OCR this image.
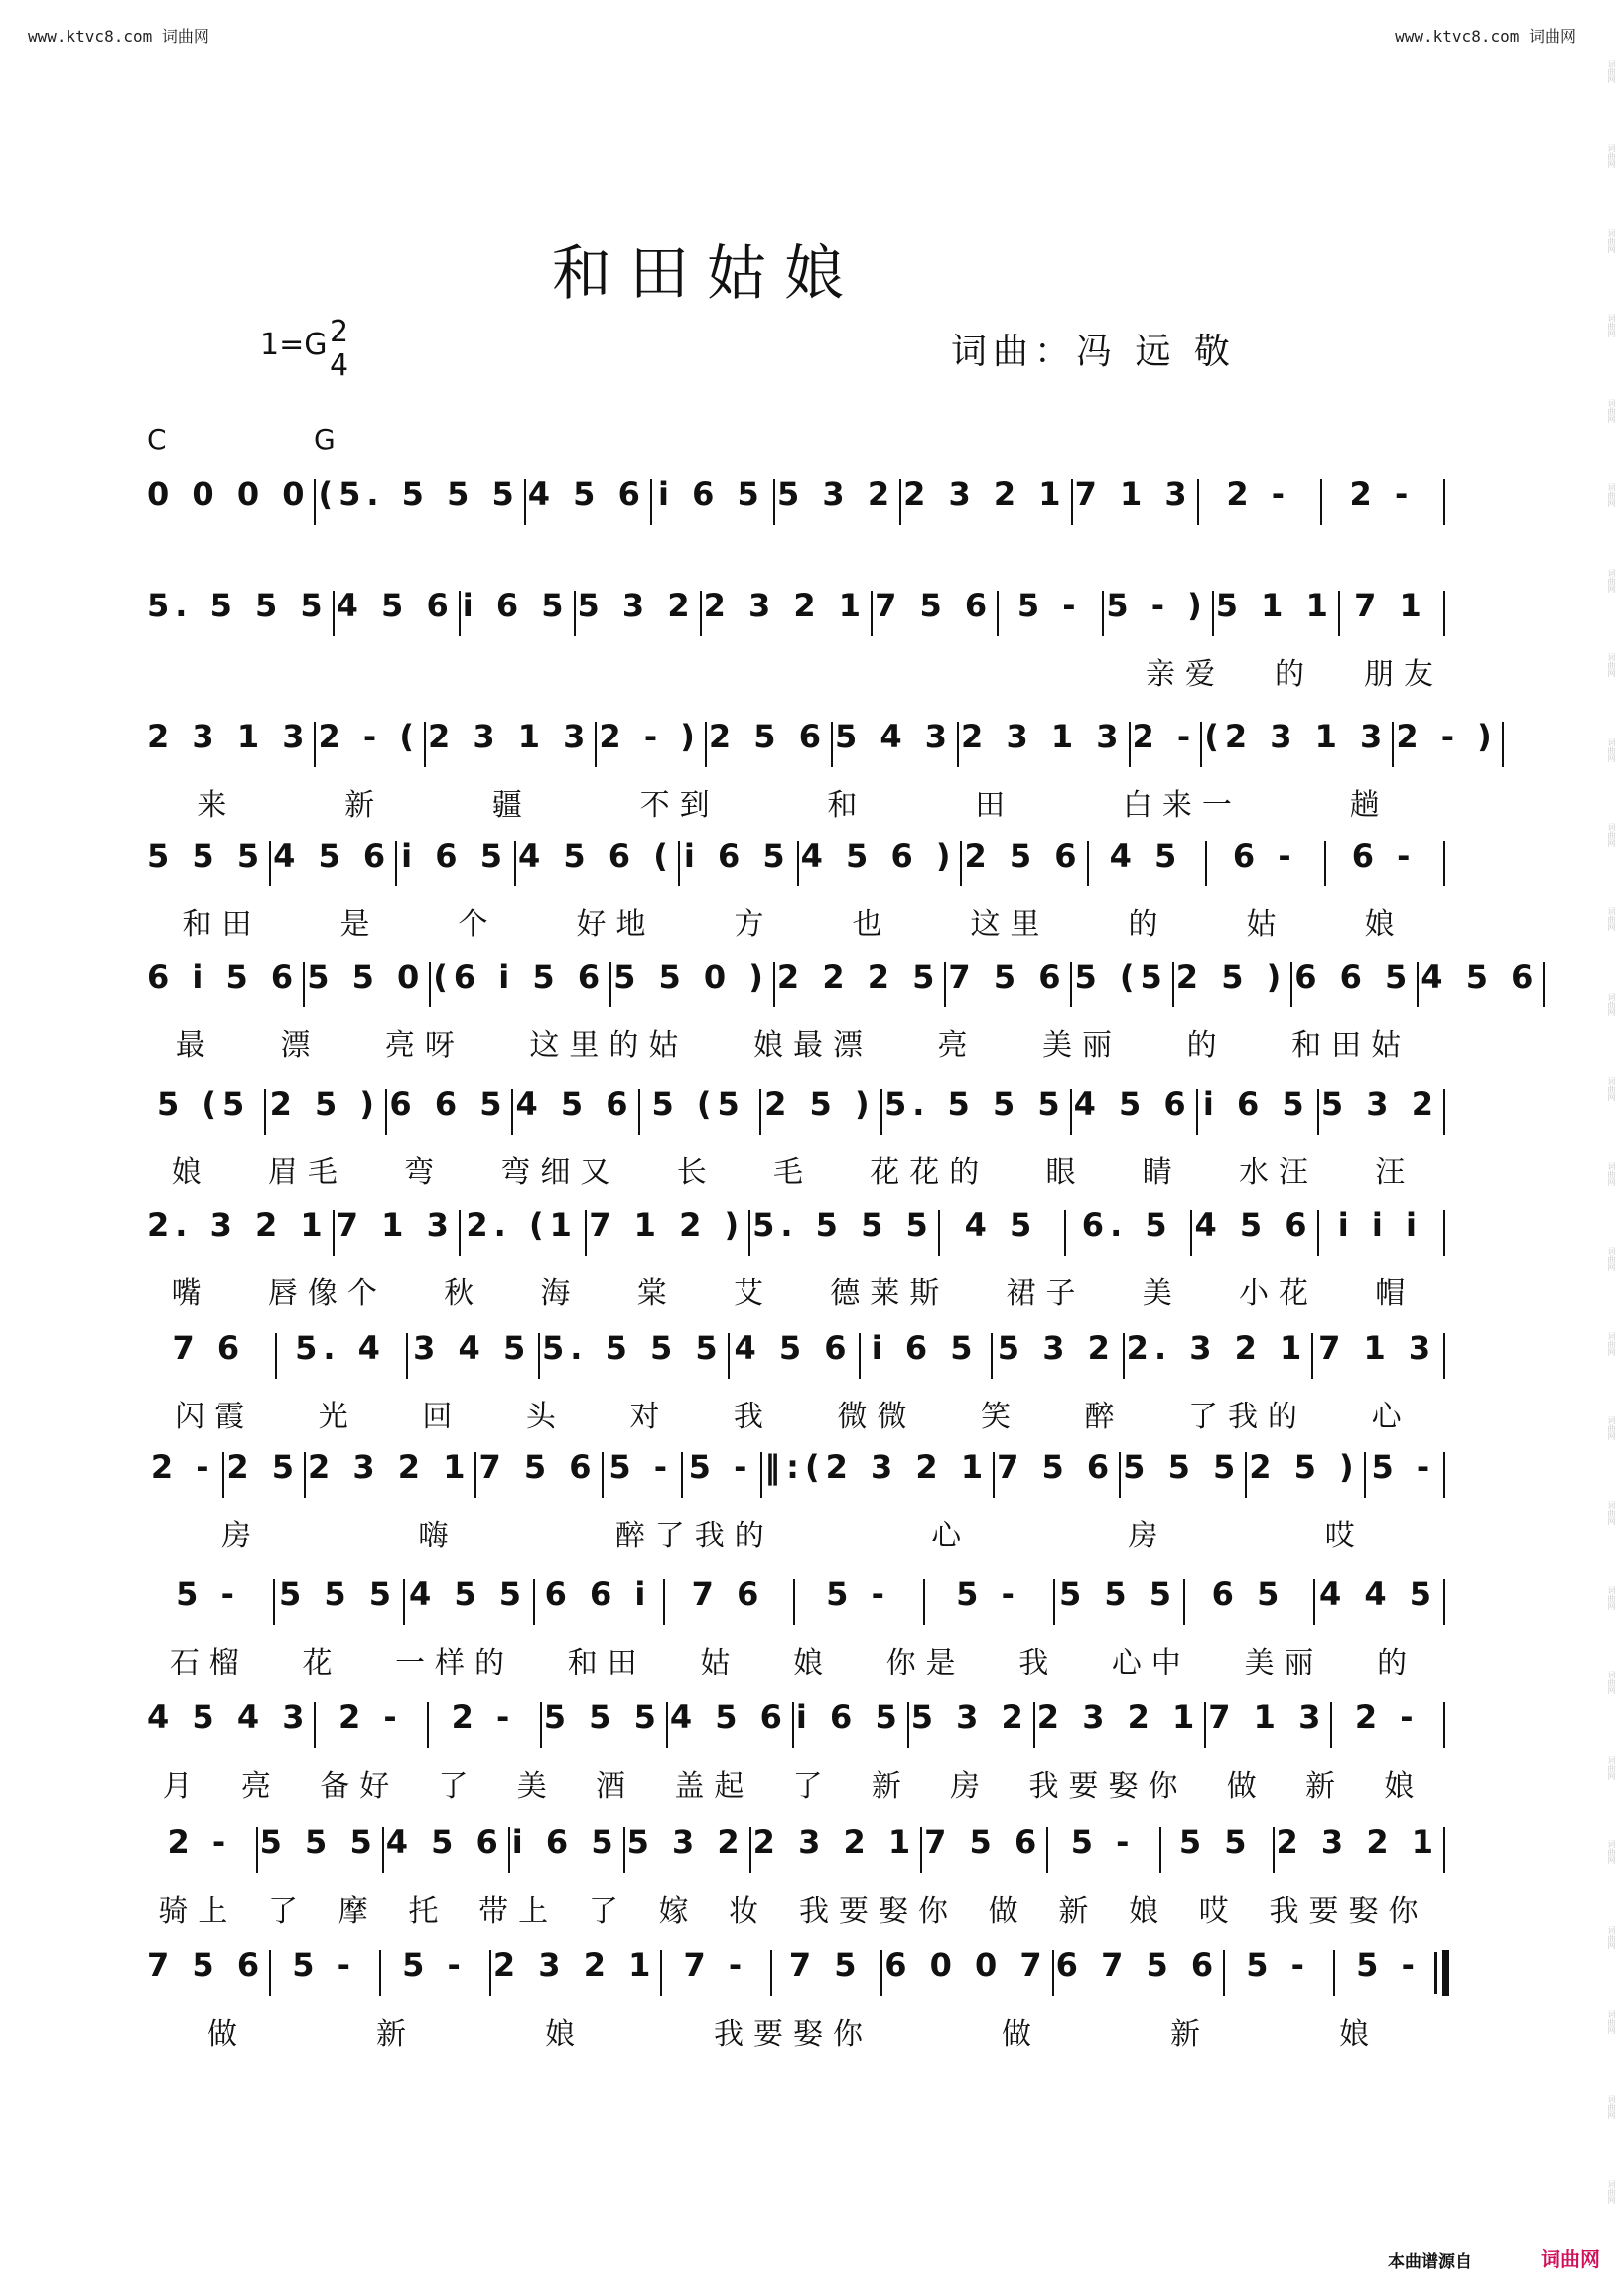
www.ktvc8.com 词曲网	www.ktvc8.com 词曲网
词曲网
词曲网
词曲网
词曲网
词曲网
词曲网
词曲网
词曲网
词曲网
词曲网
词曲网
词曲网
词曲网
词曲网
词曲网
词曲网
词曲网
词曲网
词曲网
词曲网
词曲网
词曲网
词曲网
词曲网
词曲网
词曲网
和田姑娘
1=G 2
4	词曲：冯 远 敬
C	G
0 0 0 0 (5. 5 5 5 4 5 6 i 6 5 5 3 2 2 3 2 1 7 1 3	2 -	2 -
5. 5 5 5 4 5 6 i 6 5 5 3 2 2 3 2 1 7 5 6 5 - 5 - ) 5 1 1 7 1
亲爱 的 朋友
2 3 1 3 2 - ( 2 3 1 3 2 - ) 2 5 6 5 4 3 2 3 1 3 2 - (2 3 1 3 2 - )
来	新	疆	不到	和	田	白来一	趟
5 5 5 4 5 6 i 6 5 4 5 6 ( i 6 5 4 5 6 ) 2 5 6 4 5	6 -	6 -
和田	是	个	好地	方	也	这里	的	姑	娘
6 i 5 6 5 5 0 (6 i 5 6 5 5 0 ) 2 2 2 5 7 5 6 5 (5 2 5 ) 6 6 5 4 5 6
最 漂 亮呀 这里的姑 娘最漂 亮 美丽 的 和田姑
5 (5 2 5 ) 6 6 5 4 5 6 5 (5 2 5 ) 5. 5 5 5 4 5 6 i 6 5 5 3 2
娘 眉毛 弯 弯细又 长 毛 花花的 眼 睛 水汪 汪
2. 3 2 1 7 1 3 2. (1 7 1 2 ) 5. 5 5 5 4 5	6. 5 4 5 6 i i i
嘴 唇像个 秋 海 棠 艾 德莱斯 裙子 美 小花 帽
7 6	5. 4 3 4 5 5. 5 5 5 4 5 6 i 6 5 5 3 2 2. 3 2 1 7 1 3
闪霞 光 回 头 对 我 微微 笑 醉 了我的 心
2 - 2 5 2 3 2 1 7 5 6 5 - 5 - ‖:(2 3 2 1 7 5 6 5 5 5 2 5 ) 5 -
房	嗨	醉了我的	心	房	哎
5 -	5 5 5 4 5 5 6 6 i	7 6	5 -	5 -	5 5 5	6 5	4 4 5
石榴 花 一样的 和田 姑 娘 你是 我 心中 美丽 的
4 5 4 3 2 -	2 - 5 5 5 4 5 6 i 6 5 5 3 2 2 3 2 1 7 1 3 2 -
月 亮 备好 了 美 酒 盖起 了 新 房 我要娶你 做 新 娘
2 - 5 5 5 4 5 6 i 6 5 5 3 2 2 3 2 1 7 5 6 5 -	5 5 2 3 2 1
骑上 了 摩 托 带上 了 嫁 妆 我要娶你 做 新 娘 哎 我要娶你
7 5 6 5 -	5 - 2 3 2 1 7 -	7 5 6 0 0 7 6 7 5 6 5 -	5 -
做	新	娘	我要娶你	做	新	娘
本曲谱源自	词曲网
